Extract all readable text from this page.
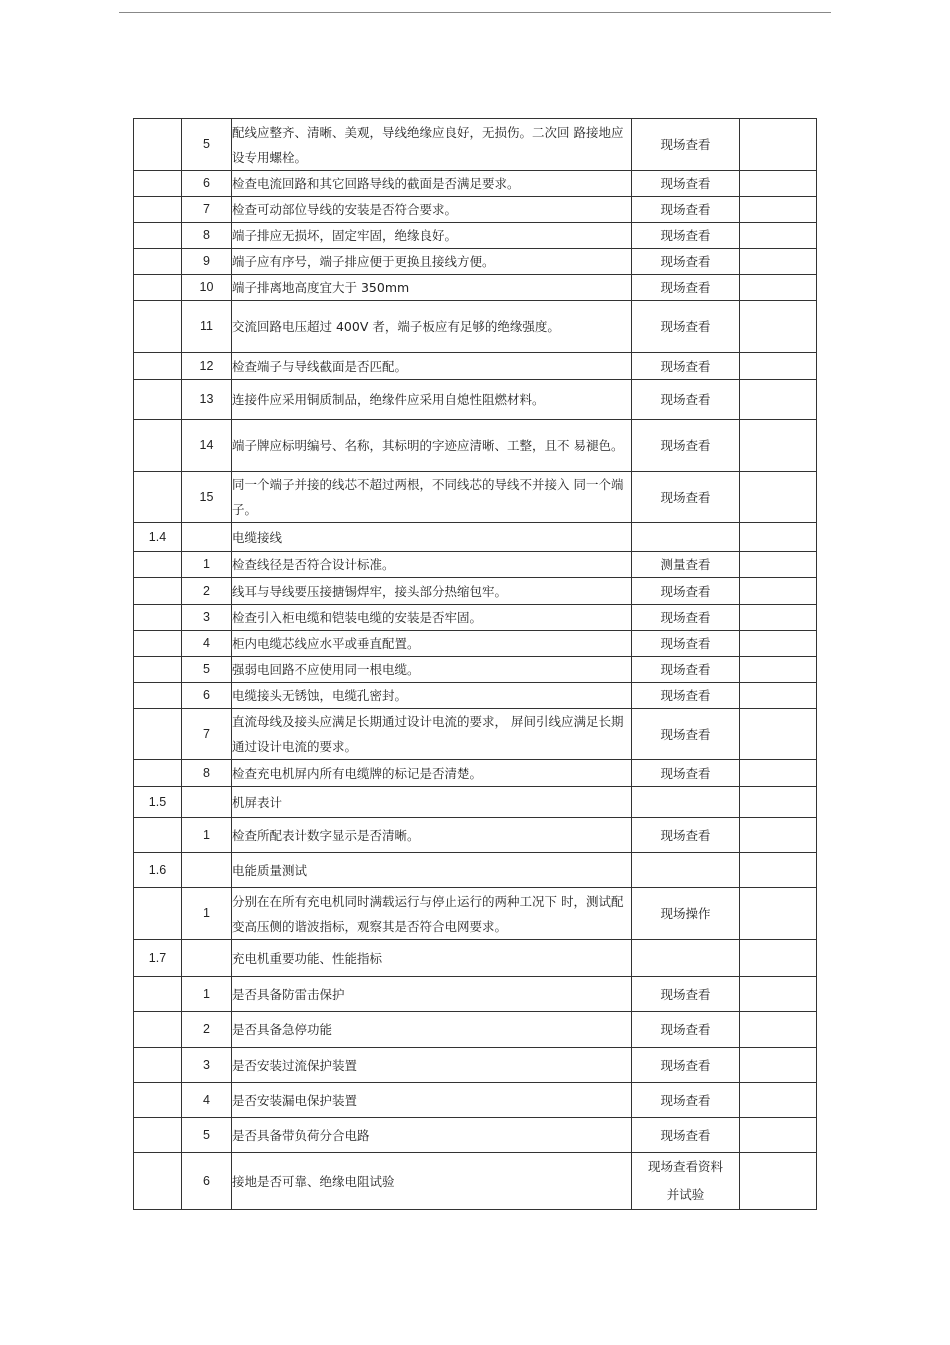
	5	配线应整齐、清晰、美观，导线绝缘应良好，无损伤。二次回 路接地应设专用螺栓。	现场查看	
	6	检查电流回路和其它回路导线的截面是否满足要求。	现场查看	
	7	检查可动部位导线的安装是否符合要求。	现场查看	
	8	端子排应无损坏，固定牢固，绝缘良好。	现场查看	
	9	端子应有序号，端子排应便于更换且接线方便。	现场查看	
	10	端子排离地高度宜大于 350mm	现场查看	
	11	交流回路电压超过 400V 者，端子板应有足够的绝缘强度。	现场查看	
	12	检查端子与导线截面是否匹配。	现场查看	
	13	连接件应采用铜质制品，绝缘件应采用自熄性阻燃材料。	现场查看	
	14	端子牌应标明编号、名称，其标明的字迹应清晰、工整，且不 易褪色。	现场查看	
	15	同一个端子并接的线芯不超过两根，不同线芯的导线不并接入 同一个端子。	现场查看	
1.4		电缆接线		
	1	检查线径是否符合设计标准。	测量查看	
	2	线耳与导线要压接搪锡焊牢，接头部分热缩包牢。	现场查看	
	3	检查引入柜电缆和铠装电缆的安装是否牢固。	现场查看	
	4	柜内电缆芯线应水平或垂直配置。	现场查看	
	5	强弱电回路不应使用同一根电缆。	现场查看	
	6	电缆接头无锈蚀，电缆孔密封。	现场查看	
	7	直流母线及接头应满足长期通过设计电流的要求， 屏间引线应满足长期通过设计电流的要求。	现场查看	
	8	检查充电机屏内所有电缆牌的标记是否清楚。	现场查看	
1.5		机屏表计		
	1	检查所配表计数字显示是否清晰。	现场查看	
1.6		电能质量测试		
	1	分别在在所有充电机同时满载运行与停止运行的两种工况下 时，测试配变高压侧的谐波指标，观察其是否符合电网要求。	现场操作	
1.7		充电机重要功能、性能指标		
	1	是否具备防雷击保护	现场查看	
	2	是否具备急停功能	现场查看	
	3	是否安装过流保护装置	现场查看	
	4	是否安装漏电保护装置	现场查看	
	5	是否具备带负荷分合电路	现场查看	
	6	接地是否可靠、绝缘电阻试验	现场查看资料
并试验	
